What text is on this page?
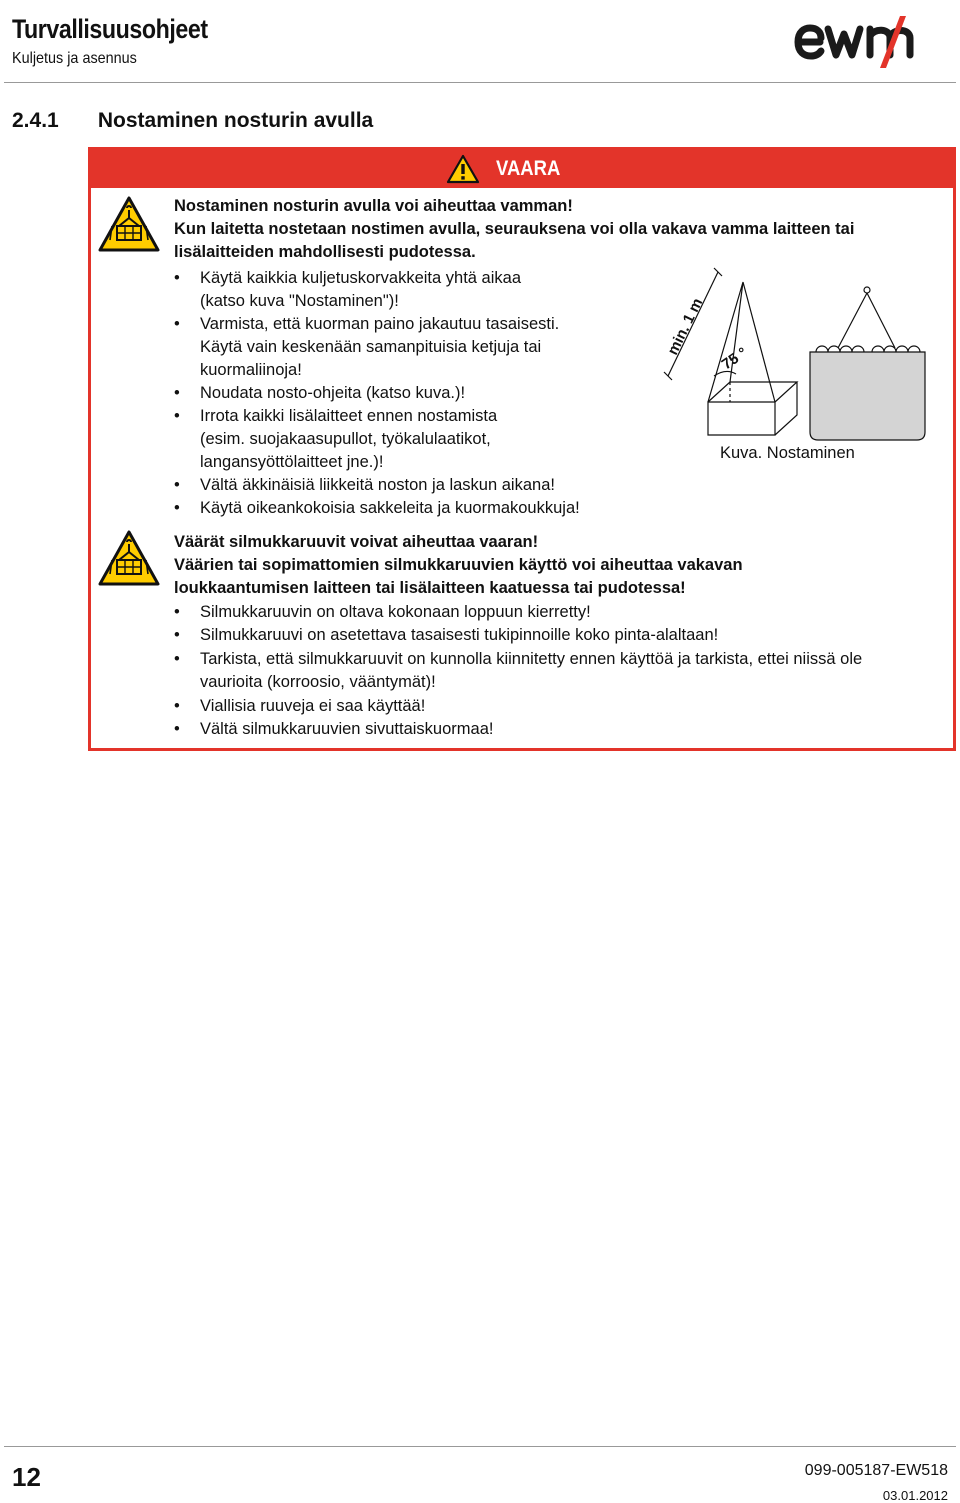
Turvallisuusohjeet
Kuljetus ja asennus
2.4.1 Nostaminen nosturin avulla
VAARA
Nostaminen nosturin avulla voi aiheuttaa vamman!
Kun laitetta nostetaan nostimen avulla, seurauksena voi olla vakava vamma laitteen tai
lisälaitteiden mahdollisesti pudotessa.
• Käytä kaikkia kuljetuskorvakkeita yhtä aikaa
(katso kuva "Nostaminen")!
• Varmista, että kuorman paino jakautuu tasaisesti.
Käytä vain keskenään samanpituisia ketjuja tai
kuormaliinoja!
• Noudata nosto-ohjeita (katso kuva.)!
• Irrota kaikki lisälaitteet ennen nostamista
(esim. suojakaasupullot, työkalulaatikot,
langansyöttölaitteet jne.)!
• Vältä äkkinäisiä liikkeitä noston ja laskun aikana!
• Käytä oikeankokoisia sakkeleita ja kuormakoukkuja!
min. 1 m
75 °
Kuva. Nostaminen
Väärät silmukkaruuvit voivat aiheuttaa vaaran!
Väärien tai sopimattomien silmukkaruuvien käyttö voi aiheuttaa vakavan
loukkaantumisen laitteen tai lisälaitteen kaatuessa tai pudotessa!
• Silmukkaruuvin on oltava kokonaan loppuun kierretty!
• Silmukkaruuvi on asetettava tasaisesti tukipinnoille koko pinta-alaltaan!
• Tarkista, että silmukkaruuvit on kunnolla kiinnitetty ennen käyttöä ja tarkista, ettei niissä ole
vaurioita (korroosio, vääntymät)!
• Viallisia ruuveja ei saa käyttää!
• Vältä silmukkaruuvien sivuttaiskuormaa!
12	099-005187-EW518
03.01.2012
